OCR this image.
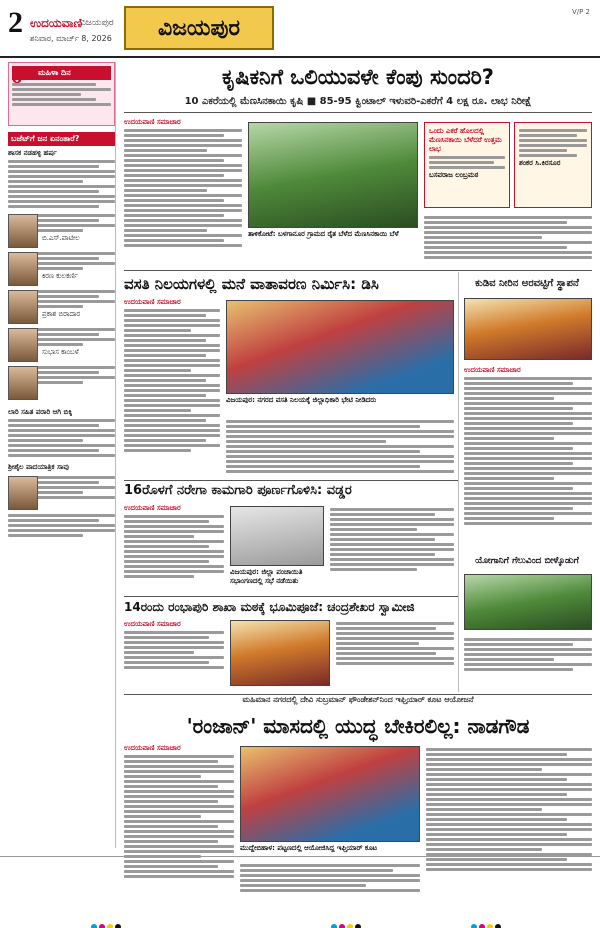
2 ಉದಯವಾಣಿ
ವಿಜಯಪುರ
ಶನಿವಾರ, ಮಾರ್ಚ್ 8, 2026	ವಿಜಯಪುರ
V/P 2
8	ಮಹಿಳಾ ದಿನ
ಬಜೆಟ್‌ಗೆ ಜನ ಏನಂತಾರೆ?
ಶಾಸಕ ನಡಹಳ್ಳಿ ಹರ್ಷ
ಬಿ.ಎಸ್.ಪಾಟೀಲ
ಕಿರಣ ಕುಲಕರ್ಣಿ
ಪ್ರಕಾಶ ಬಿರಾದಾರ
ಸುಭಾಸ ಕಾಂಬಳೆ
ಲಾರಿ ಸಹಿತ ಪರಾರಿ ಆಗಿ ಬಿಕ್ಕಿ
ಶ್ರೀಶೈಲ ಪಾದಯಾತ್ರಿಕ ಸಾವು
ಕೃಷಿಕನಿಗೆ ಒಲಿಯುವಳೇ ಕೆಂಪು ಸುಂದರಿ?
10 ಎಕರೆಯಲ್ಲಿ ಮೆಣಸಿನಕಾಯಿ ಕೃಷಿ ■ 85-95 ಕ್ವಿಂಟಾಲ್ ಇಳುವರಿ-ಎಕರೆಗೆ 4 ಲಕ್ಷ ರೂ. ಲಾಭ ನಿರೀಕ್ಷೆ
ಉದಯವಾಣಿ ಸಮಾಚಾರ
ತಾಳಿಕೋಟೆ: ಬಳಗಾನೂರ ಗ್ರಾಮದ ರೈತ ಬೆಳೆದ ಮೆಣಸಿನಕಾಯಿ ಬೆಳೆ
ಒಂದು ಎಕರೆ ಹೊಲದಲ್ಲಿ ಮೆಣಸಿನಕಾಯಿ ಬೆಳೆದರೆ ಉತ್ತಮ ಲಾಭ
ಬಸವರಾಜ ಲಂಬ್ರಮಠ
ಶಂಕರ ಸಿ.ಕಿರಸೂರ
ವಸತಿ ನಿಲಯಗಳಲ್ಲಿ ಮನೆ ವಾತಾವರಣ ನಿರ್ಮಿಸಿ: ಡಿಸಿ	ಕುಡಿವ ನೀರಿನ ಅರವಟ್ಟಿಗೆ ಸ್ಥಾಪನೆ
ಉದಯವಾಣಿ ಸಮಾಚಾರ
ವಿಜಯಪುರ: ನಗರದ ವಸತಿ ನಿಲಯಕ್ಕೆ ಜಿಲ್ಲಾಧಿಕಾರಿ ಭೇಟಿ ನೀಡಿದರು
ಉದಯವಾಣಿ ಸಮಾಚಾರ
16ರೊಳಗೆ ನರೇಗಾ ಕಾಮಗಾರಿ ಪೂರ್ಣಗೊಳಿಸಿ: ವಡ್ಡರ
ಉದಯವಾಣಿ ಸಮಾಚಾರ
ವಿಜಯಪುರ: ಜಿಲ್ಲಾ ಪಂಚಾಯಿತಿ ಸಭಾಂಗಣದಲ್ಲಿ ಸಭೆ ನಡೆಯಿತು
ಯೋಗಾನಿಗೆ ಗೆಲುವಿಂದ ಬೀಳ್ಕೊಡುಗೆ
14ರಂದು ರಂಭಾಪುರಿ ಶಾಖಾ ಮಠಕ್ಕೆ ಭೂಮಿಪೂಜೆ: ಚಂದ್ರಶೇಖರ ಸ್ವಾಮೀಜಿ
ಉದಯವಾಣಿ ಸಮಾಚಾರ
ಮಹಿಮಾನ ನಗರದಲ್ಲಿ ದೇವಿ ಸುಬ್ರಮಾನ್ ಫೌಂಡೇಶನ್‌ನಿಂದ ಇಫ್ತಿಯಾರ್ ಕೂಟ ಆಯೋಜನೆ
'ರಂಜಾನ್' ಮಾಸದಲ್ಲಿ ಯುದ್ಧ ಬೇಕಿರಲಿಲ್ಲ: ನಾಡಗೌಡ
ಉದಯವಾಣಿ ಸಮಾಚಾರ
ಮುದ್ದೇಬಿಹಾಳ: ಪಟ್ಟಣದಲ್ಲಿ ಆಯೋಜಿಸಿದ್ದ ಇಫ್ತಿಯಾರ್ ಕೂಟ
